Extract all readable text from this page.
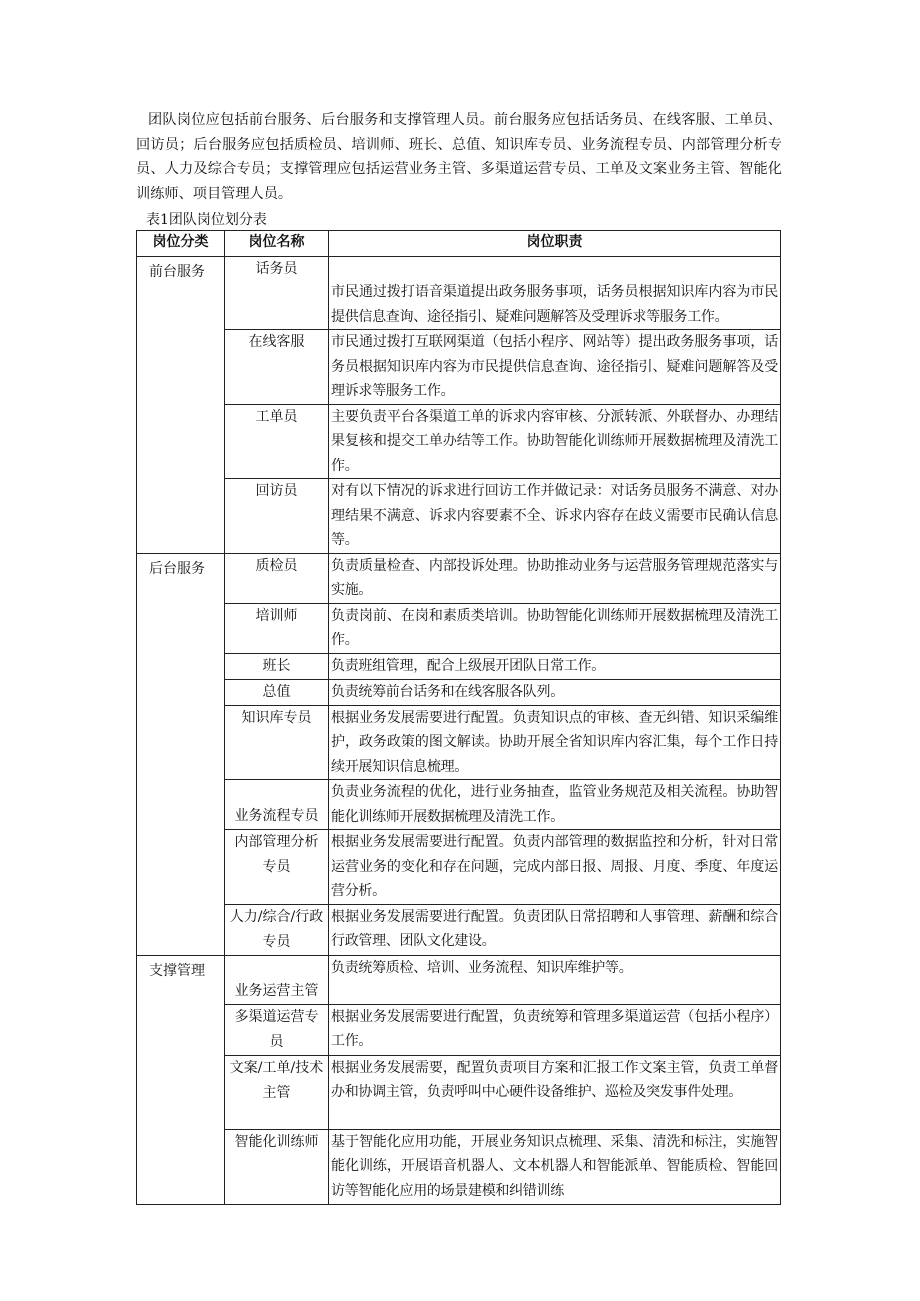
团队岗位应包括前台服务、后台服务和支撑管理人员。前台服务应包括话务员、在线客服、工单员、回访员；后台服务应包括质检员、培训师、班长、总值、知识库专员、业务流程专员、内部管理分析专员、人力及综合专员；支撑管理应包括运营业务主管、多渠道运营专员、工单及文案业务主管、智能化训练师、项目管理人员。

表1团队岗位划分表
岗位分类	岗位名称	岗位职责

前台服务	话务员	市民通过拨打语音渠道提出政务服务事项，话务员根据知识库内容为市民提供信息查询、途径指引、疑难问题解答及受理诉求等服务工作。

	在线客服	市民通过拨打互联网渠道（包括小程序、网站等）提出政务服务事项，话务员根据知识库内容为市民提供信息查询、途径指引、疑难问题解答及受理诉求等服务工作。

	工单员	主要负责平台各渠道工单的诉求内容审核、分派转派、外联督办、办理结果复核和提交工单办结等工作。协助智能化训练师开展数据梳理及清洗工作。

	回访员	对有以下情况的诉求进行回访工作并做记录：对话务员服务不满意、对办理结果不满意、诉求内容要素不全、诉求内容存在歧义需要市民确认信息等。

后台服务	质检员	负责质量检查、内部投诉处理。协助推动业务与运营服务管理规范落实与实施。

	培训师	负责岗前、在岗和素质类培训。协助智能化训练师开展数据梳理及清洗工作。

	班长	负责班组管理，配合上级展开团队日常工作。

	总值	负责统筹前台话务和在线客服各队列。

	知识库专员	根据业务发展需要进行配置。负责知识点的审核、查无纠错、知识采编维护，政务政策的图文解读。协助开展全省知识库内容汇集，每个工作日持续开展知识信息梳理。

	业务流程专员	负责业务流程的优化，进行业务抽查，监管业务规范及相关流程。协助智能化训练师开展数据梳理及清洗工作。

	内部管理分析专员	根据业务发展需要进行配置。负责内部管理的数据监控和分析，针对日常运营业务的变化和存在问题，完成内部日报、周报、月度、季度、年度运营分析。

	人力/综合/行政专员	根据业务发展需要进行配置。负责团队日常招聘和人事管理、薪酬和综合行政管理、团队文化建设。

支撑管理	业务运营主管	负责统筹质检、培训、业务流程、知识库维护等。

	多渠道运营专员	根据业务发展需要进行配置，负责统筹和管理多渠道运营（包括小程序）工作。

	文案/工单/技术主管	根据业务发展需要，配置负责项目方案和汇报工作文案主管，负责工单督办和协调主管，负责呼叫中心硬件设备维护、巡检及突发事件处理。

	智能化训练师	基于智能化应用功能，开展业务知识点梳理、采集、清洗和标注，实施智能化训练，开展语音机器人、文本机器人和智能派单、智能质检、智能回访等智能化应用的场景建模和纠错训练
